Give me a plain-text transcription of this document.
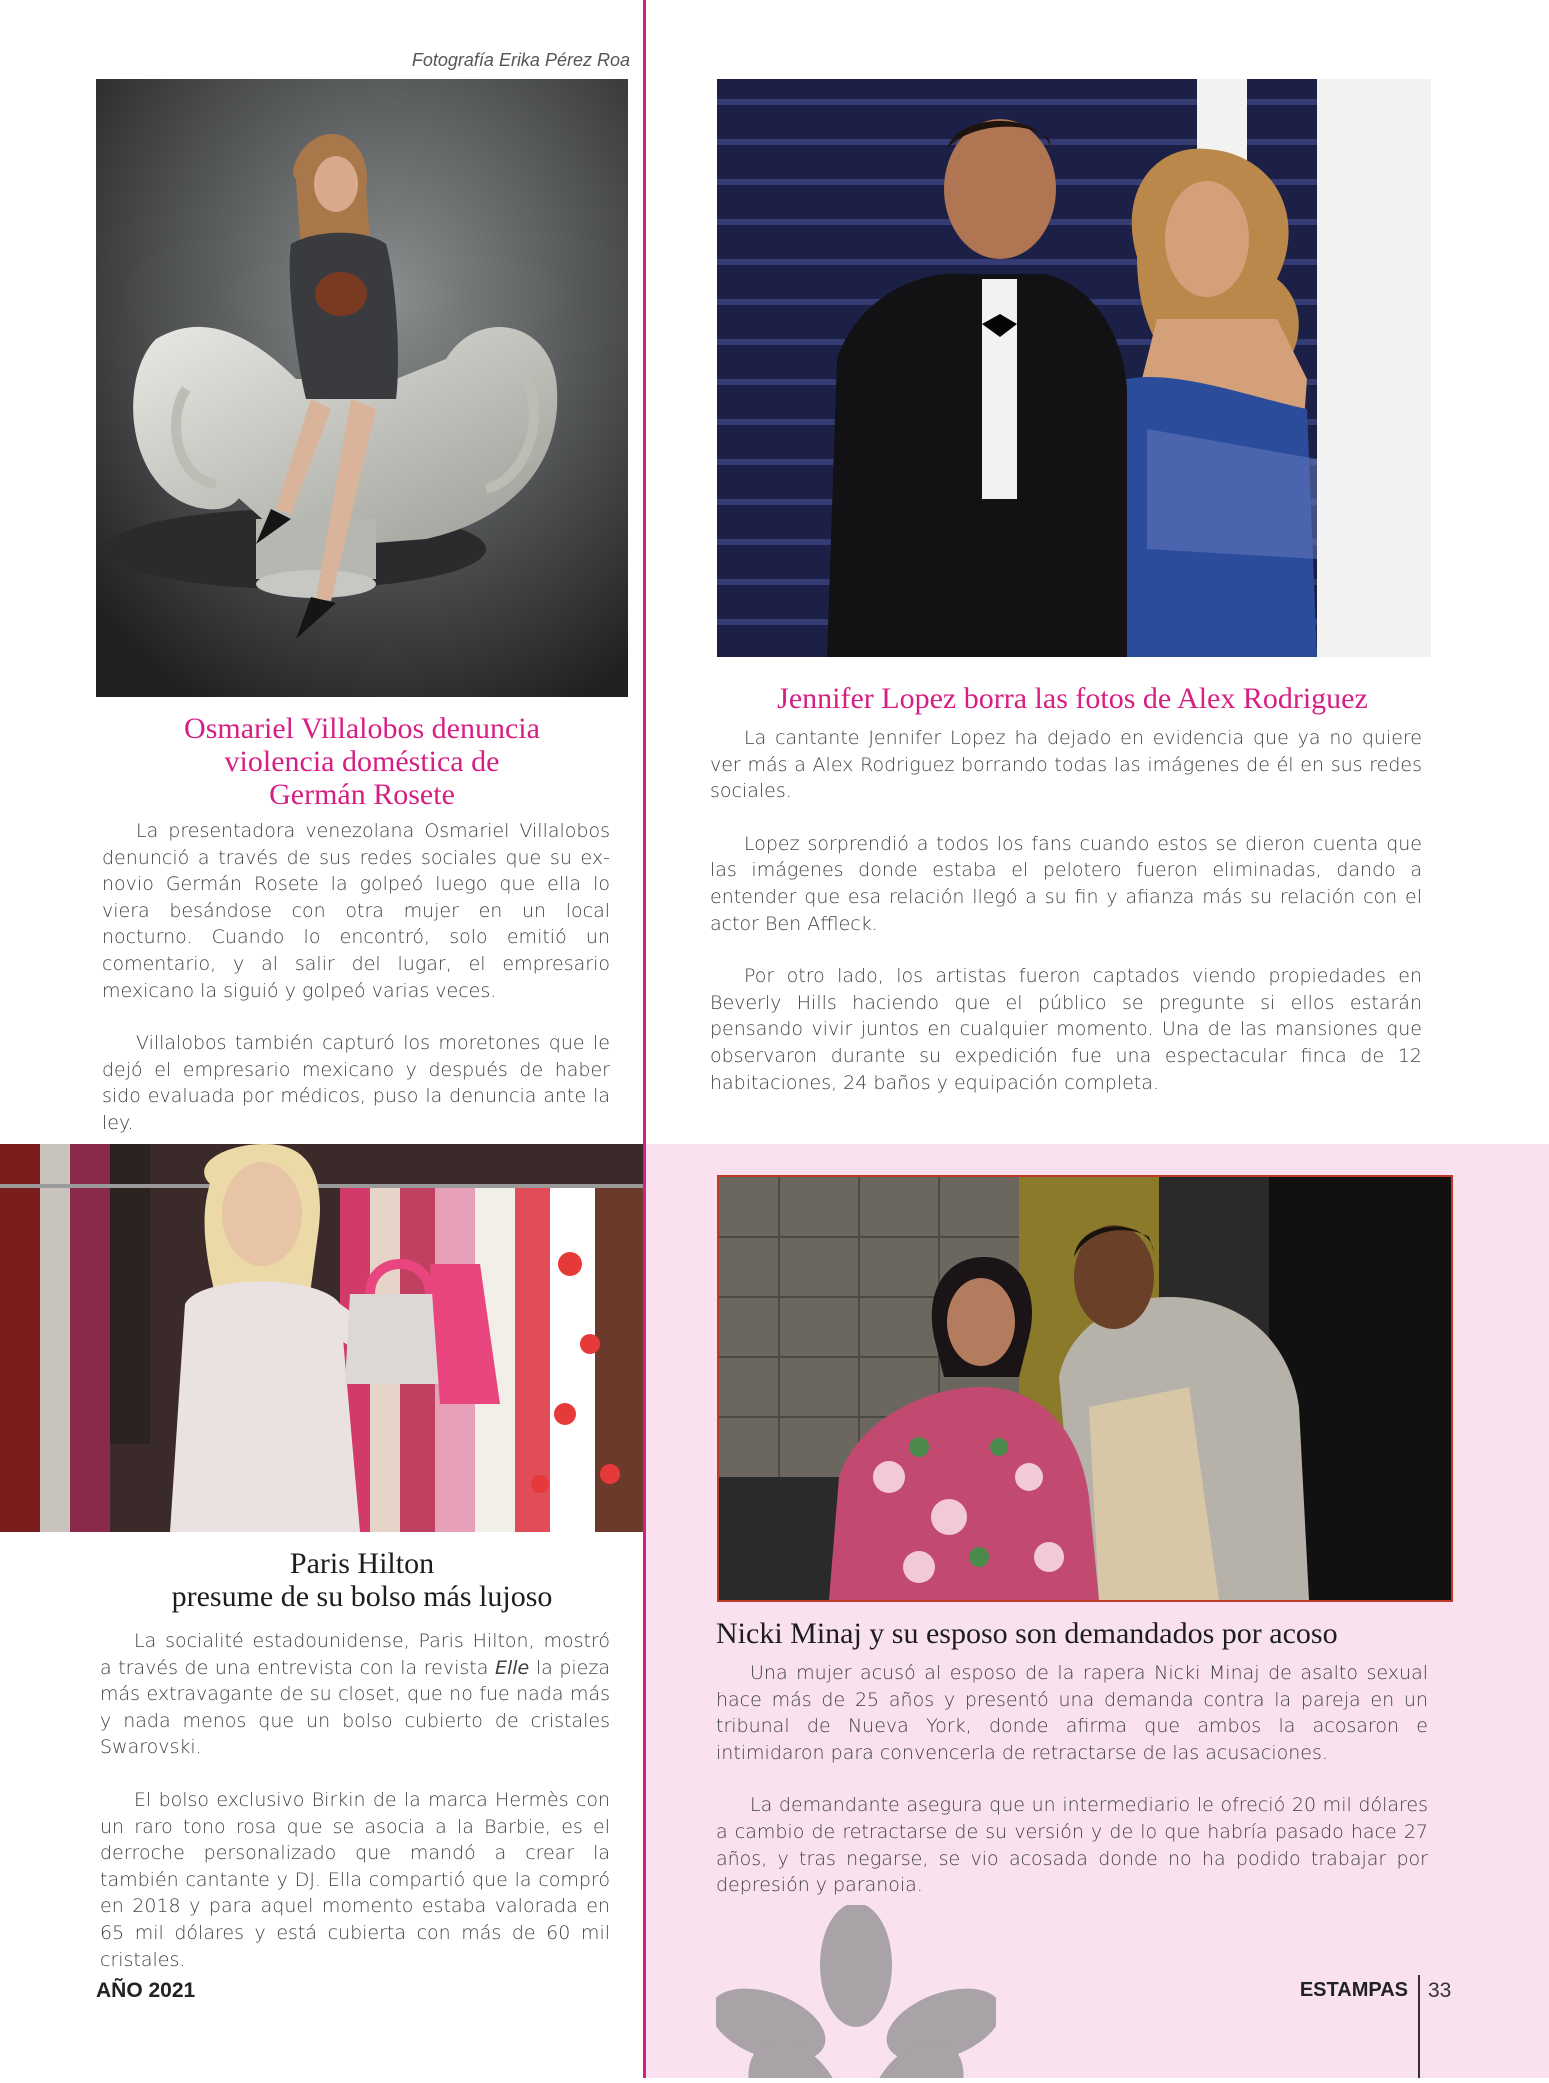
Fotografía Erika Pérez Roa
Osmariel Villalobos denuncia
violencia doméstica de
Germán Rosete

La presentadora venezolana Osmariel Villalobos denunció a través de sus redes sociales que su ex-novio Germán Rosete la golpeó luego que ella lo viera besándose con otra mujer en un local nocturno. Cuando lo encontró, solo emitió un comentario, y al salir del lugar, el empresario mexicano la siguió y golpeó varias veces.

Villalobos también capturó los moretones que le dejó el empresario mexicano y después de haber sido evaluada por médicos, puso la denuncia ante la ley.

Jennifer Lopez borra las fotos de Alex Rodriguez

La cantante Jennifer Lopez ha dejado en evidencia que ya no quiere ver más a Alex Rodriguez borrando todas las imágenes de él en sus redes sociales.

Lopez sorprendió a todos los fans cuando estos se dieron cuenta que las imágenes donde estaba el pelotero fueron eliminadas, dando a entender que esa relación llegó a su fin y afianza más su relación con el actor Ben Affleck.

Por otro lado, los artistas fueron captados viendo propiedades en Beverly Hills haciendo que el público se pregunte si ellos estarán pensando vivir juntos en cualquier momento. Una de las mansiones que observaron durante su expedición fue una espectacular finca de 12 habitaciones, 24 baños y equipación completa.

Paris Hilton
presume de su bolso más lujoso

La socialité estadounidense, Paris Hilton, mostró a través de una entrevista con la revista Elle la pieza más extravagante de su closet, que no fue nada más y nada menos que un bolso cubierto de cristales Swarovski.

El bolso exclusivo Birkin de la marca Hermès con un raro tono rosa que se asocia a la Barbie, es el derroche personalizado que mandó a crear la también cantante y DJ. Ella compartió que la compró en 2018 y para aquel momento estaba valorada en 65 mil dólares y está cubierta con más de 60 mil cristales.

Nicki Minaj y su esposo son demandados por acoso

Una mujer acusó al esposo de la rapera Nicki Minaj de asalto sexual hace más de 25 años y presentó una demanda contra la pareja en un tribunal de Nueva York, donde afirma que ambos la acosaron e intimidaron para convencerla de retractarse de las acusaciones.

La demandante asegura que un intermediario le ofreció 20 mil dólares a cambio de retractarse de su versión y de lo que habría pasado hace 27 años, y tras negarse, se vio acosada donde no ha podido trabajar por depresión y paranoia.

AÑO 2021	ESTAMPAS 33
